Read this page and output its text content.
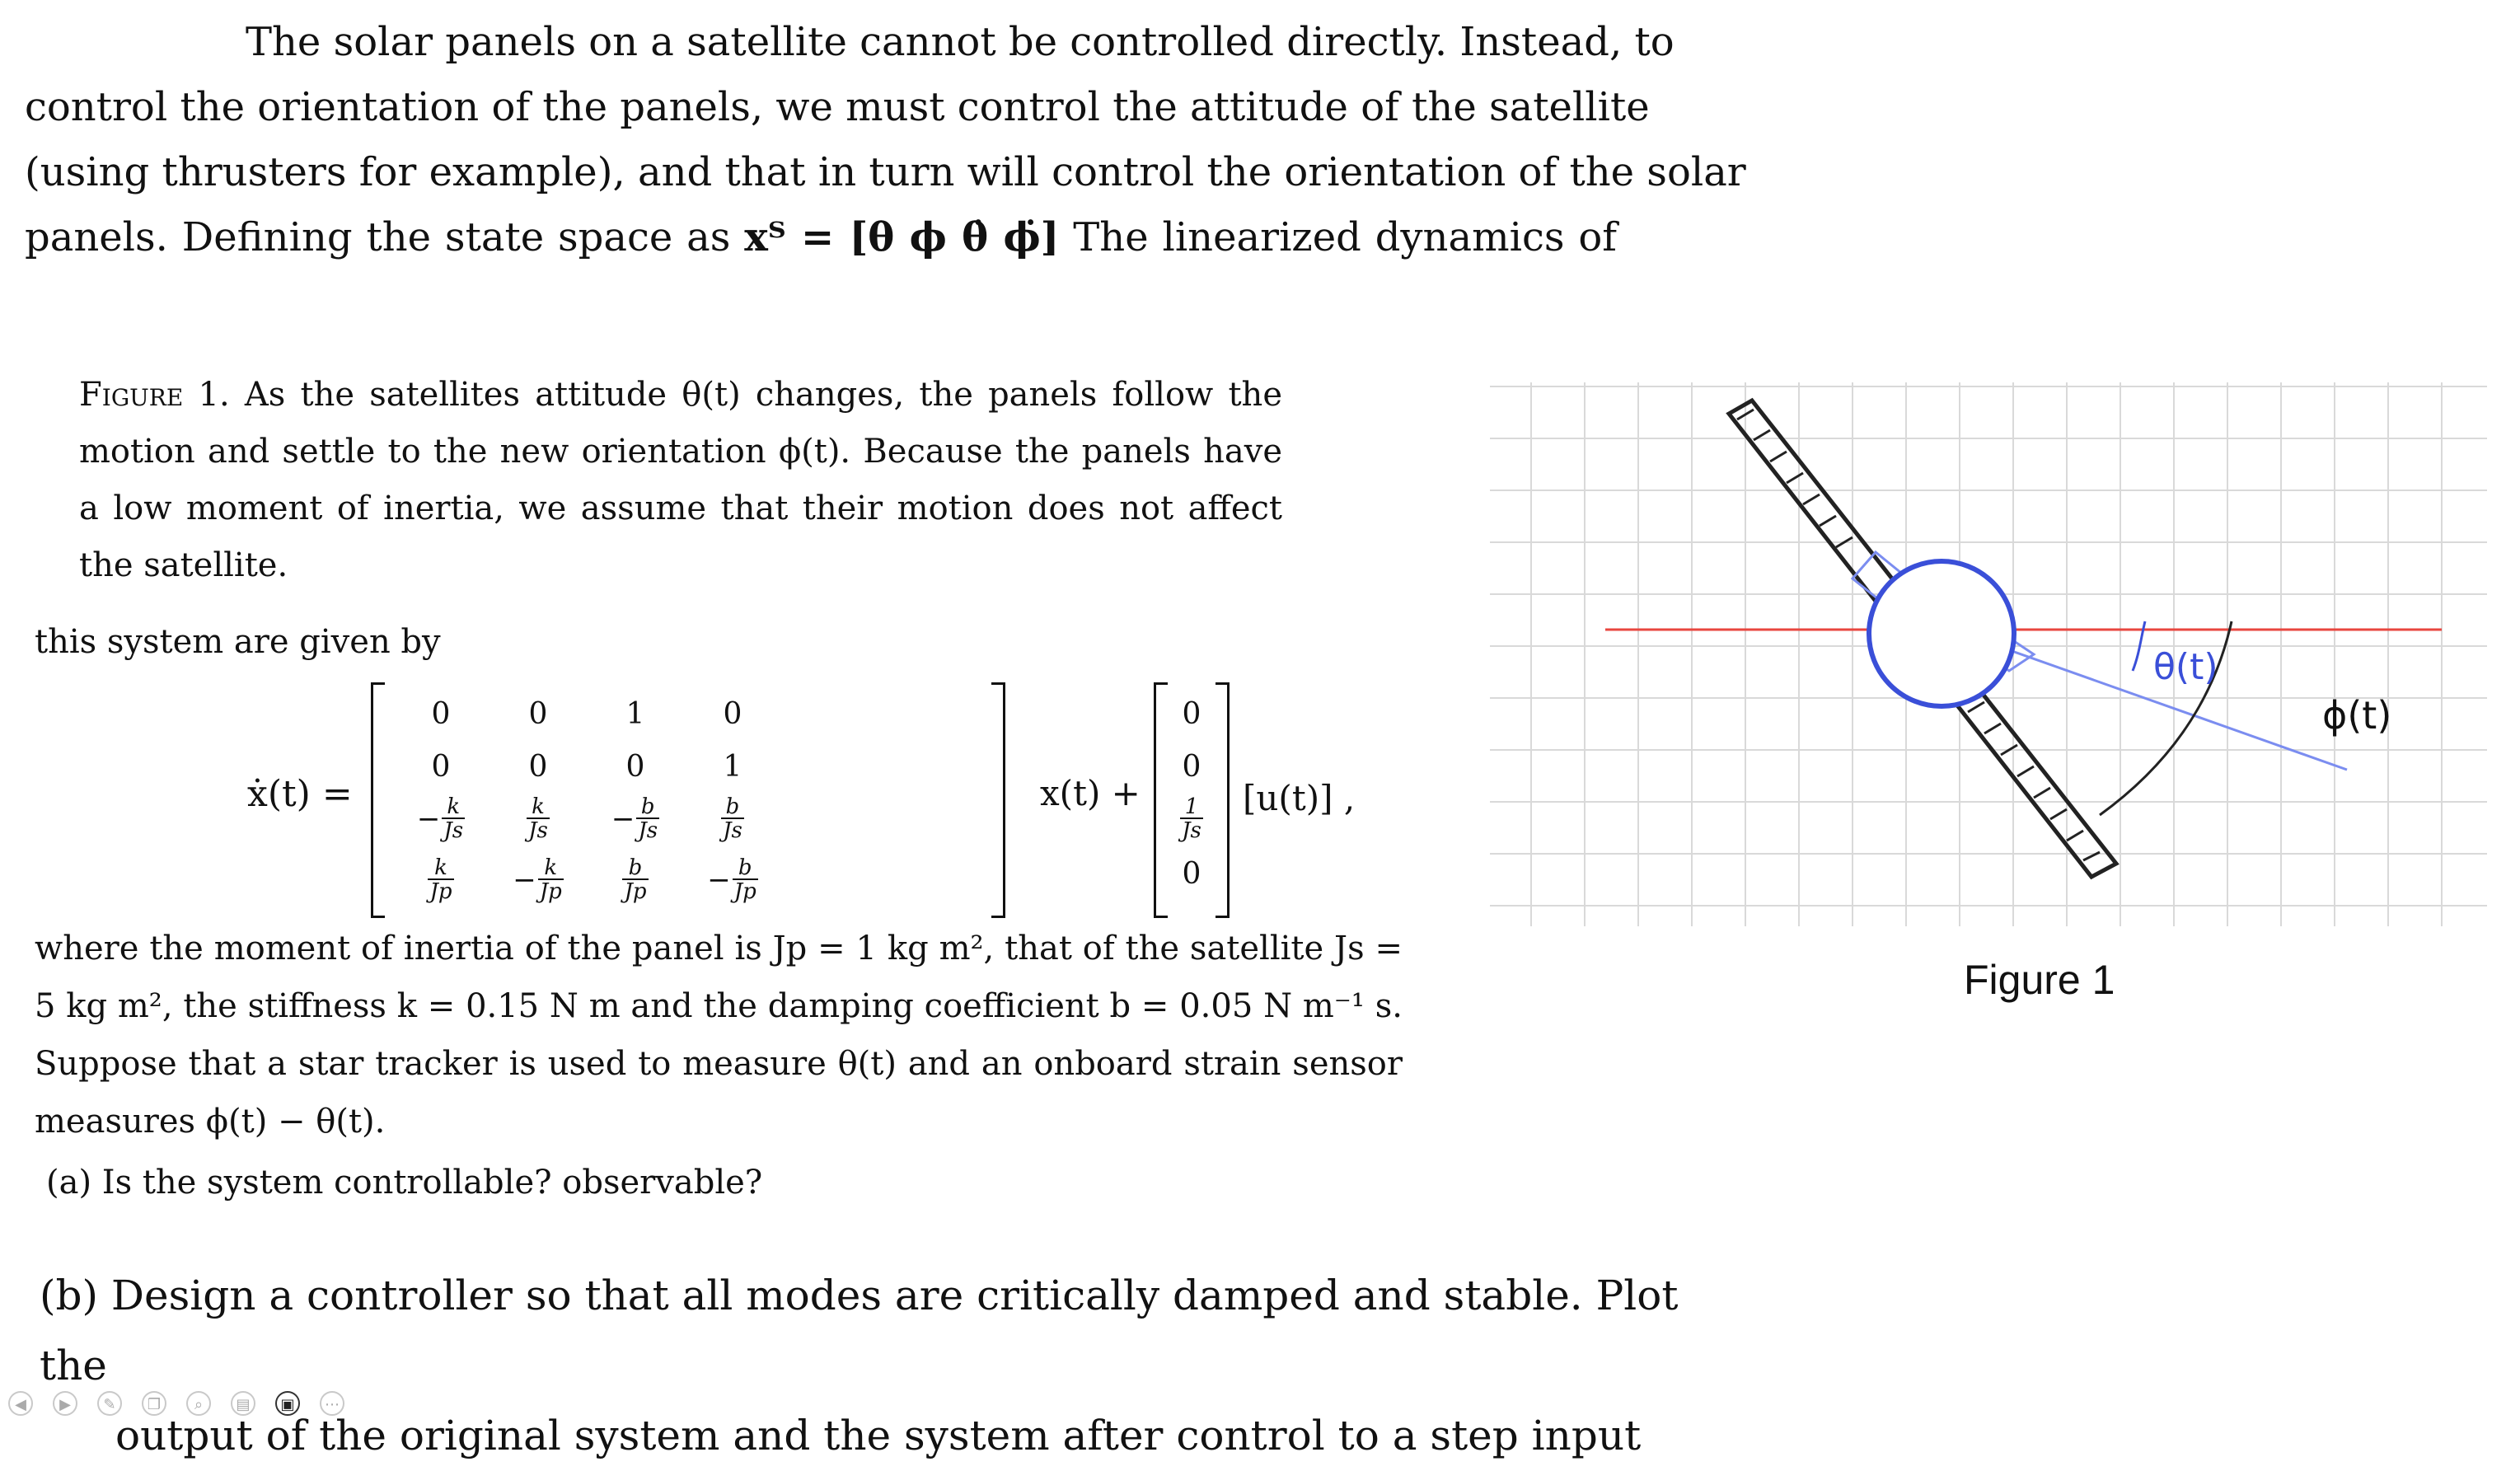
The solar panels on a satellite cannot be controlled directly. Instead, to
control the orientation of the panels, we must control the attitude of the satellite
(using thrusters for example), and that in turn will control the orientation of the solar
panels. Defining the state space as xᵀ = [θ ϕ θ̇ ϕ̇] The linearized dynamics of
Figure 1. As the satellites attitude θ(t) changes, the panels follow the motion and settle to the new orientation ϕ(t). Because the panels have a low moment of inertia, we assume that their motion does not affect the satellite.
this system are given by
ẋ(t) =
0	0	1	0
0	0	0	1
− $\frac{k}{Js}$	$\frac{k}{Js}$	− $\frac{b}{Js}$	$\frac{b}{Js}$
$\frac{k}{Jp}$	− $\frac{k}{Jp}$	$\frac{b}{Jp}$	− $\frac{b}{Jp}$
x(t) +
0
0
$\frac{1}{Js}$
0
[u(t)] ,
where the moment of inertia of the panel is Jp = 1 kg m², that of the satellite Js = 5 kg m², the stiffness k = 0.15 N m and the damping coefficient b = 0.05 N m⁻¹ s. Suppose that a star tracker is used to measure θ(t) and an onboard strain sensor measures ϕ(t) − θ(t).
(a) Is the system controllable? observable?
(b) Design a controller so that all modes are critically damped and stable. Plot the
output of the original system and the system after control to a step input
θ(t)
ϕ(t)
Figure 1
◀	▶	✎	❐	⌕	▤	▣	⋯
